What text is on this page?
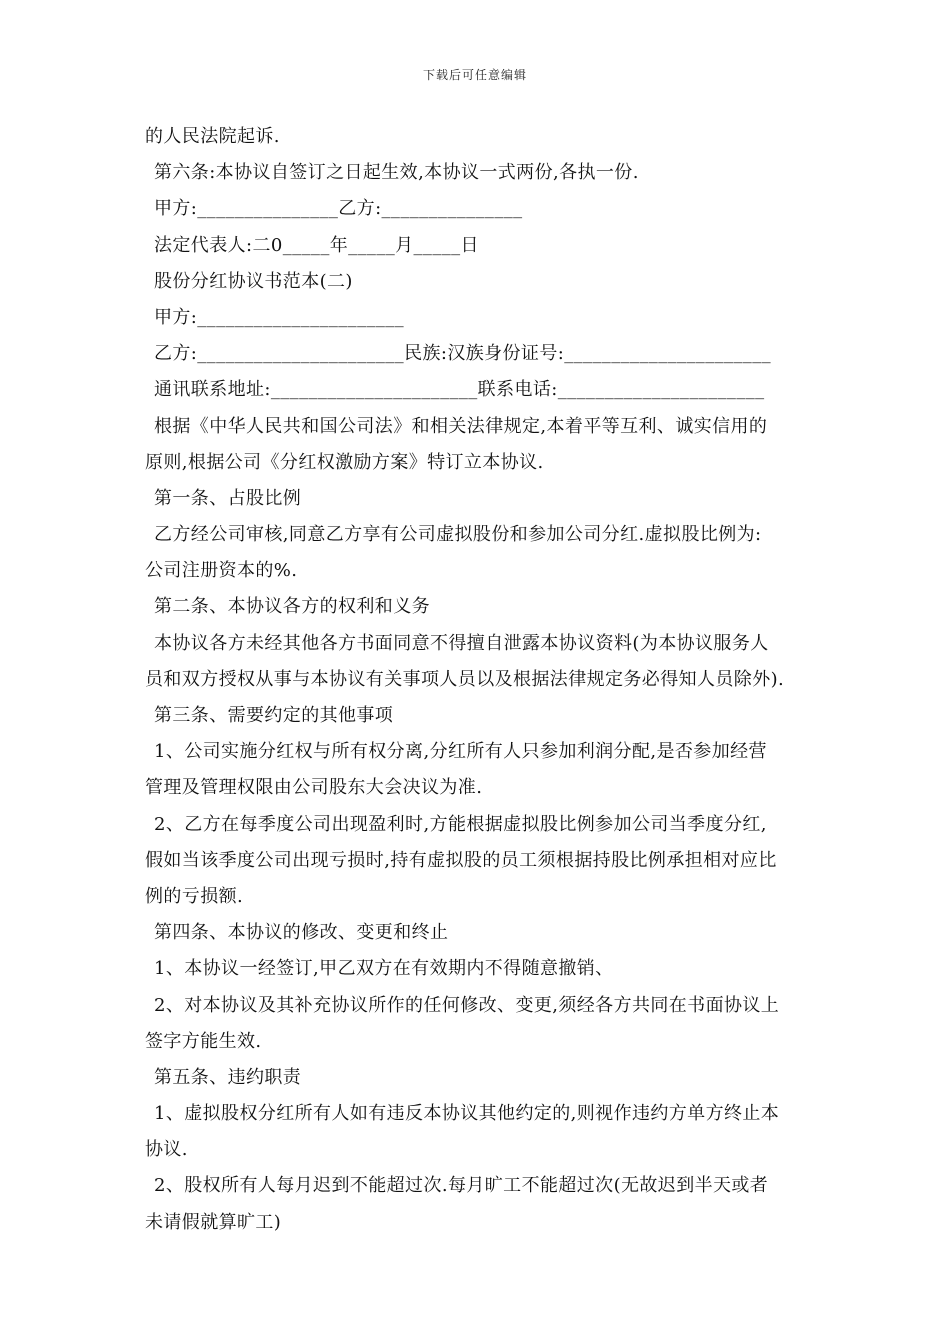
下载后可任意编辑
的人民法院起诉.
第六条:本协议自签订之日起生效,本协议一式两份,各执一份.
甲方:_______________乙方:_______________
法定代表人:二0_____年_____月_____日
股份分红协议书范本(二)
甲方:______________________
乙方:______________________民族:汉族身份证号:______________________
通讯联系地址:______________________联系电话:______________________
根据《中华人民共和国公司法》和相关法律规定,本着平等互利、诚实信用的
原则,根据公司《分红权激励方案》特订立本协议.
第一条、占股比例
乙方经公司审核,同意乙方享有公司虚拟股份和参加公司分红.虚拟股比例为:
公司注册资本的%.
第二条、本协议各方的权利和义务
本协议各方未经其他各方书面同意不得擅自泄露本协议资料(为本协议服务人
员和双方授权从事与本协议有关事项人员以及根据法律规定务必得知人员除外).
第三条、需要约定的其他事项
1、公司实施分红权与所有权分离,分红所有人只参加利润分配,是否参加经营
管理及管理权限由公司股东大会决议为准.
2、乙方在每季度公司出现盈利时,方能根据虚拟股比例参加公司当季度分红,
假如当该季度公司出现亏损时,持有虚拟股的员工须根据持股比例承担相对应比
例的亏损额.
第四条、本协议的修改、变更和终止
1、本协议一经签订,甲乙双方在有效期内不得随意撤销、
2、对本协议及其补充协议所作的任何修改、变更,须经各方共同在书面协议上
签字方能生效.
第五条、违约职责
1、虚拟股权分红所有人如有违反本协议其他约定的,则视作违约方单方终止本
协议.
2、股权所有人每月迟到不能超过次.每月旷工不能超过次(无故迟到半天或者
未请假就算旷工)
